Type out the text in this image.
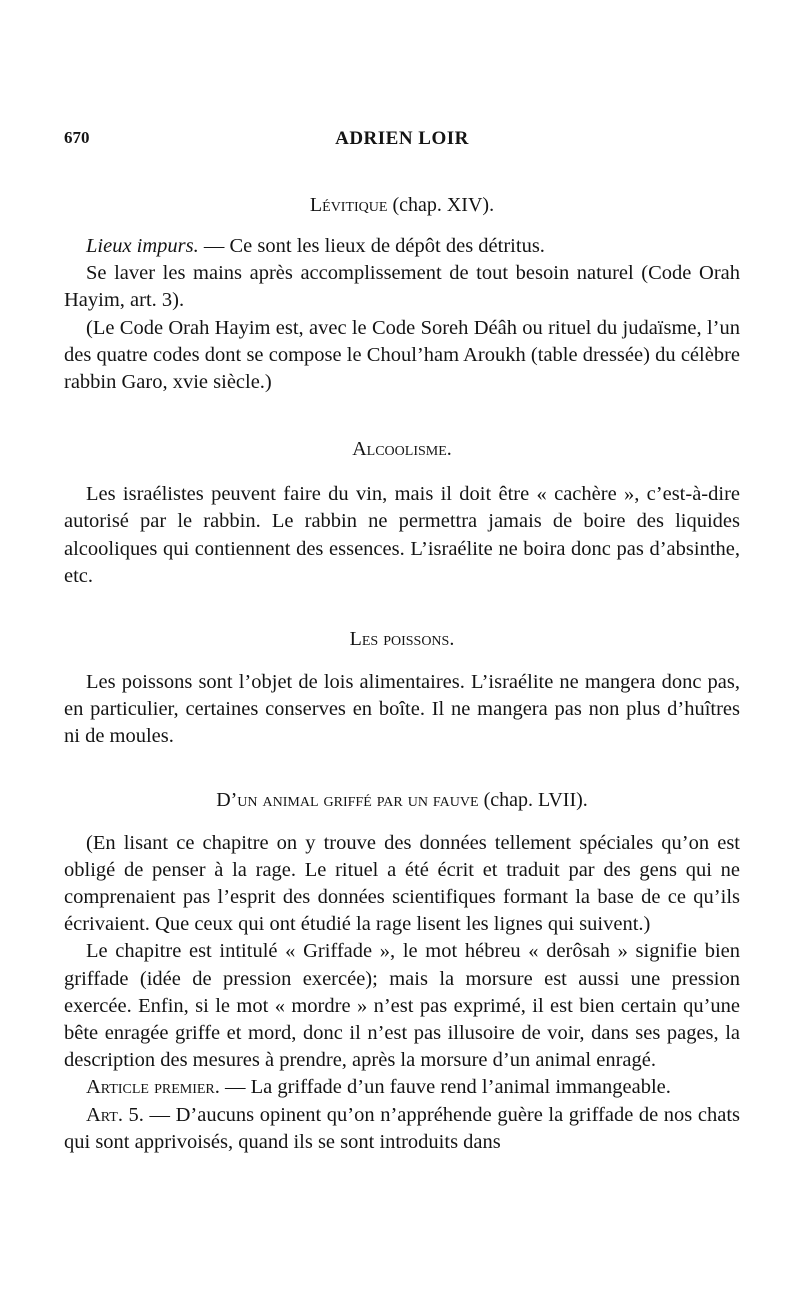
670	ADRIEN LOIR
Lévitique (chap. XIV).

Lieux impurs. — Ce sont les lieux de dépôt des détritus.

Se laver les mains après accomplissement de tout besoin naturel (Code Orah Hayim, art. 3).

(Le Code Orah Hayim est, avec le Code Soreh Déâh ou rituel du judaïsme, l’un des quatre codes dont se compose le Choul’ham Aroukh (table dressée) du célèbre rabbin Garo, xvie siècle.)

Alcoolisme.

Les israélistes peuvent faire du vin, mais il doit être « cachère », c’est-à-dire autorisé par le rabbin. Le rabbin ne permettra jamais de boire des liquides alcooliques qui contiennent des essences. L’israélite ne boira donc pas d’absinthe, etc.

Les poissons.

Les poissons sont l’objet de lois alimentaires. L’israélite ne mangera donc pas, en particulier, certaines conserves en boîte. Il ne mangera pas non plus d’huîtres ni de moules.

D’un animal griffé par un fauve (chap. LVII).

(En lisant ce chapitre on y trouve des données tellement spéciales qu’on est obligé de penser à la rage. Le rituel a été écrit et traduit par des gens qui ne comprenaient pas l’esprit des données scientifiques formant la base de ce qu’ils écrivaient. Que ceux qui ont étudié la rage lisent les lignes qui suivent.)

Le chapitre est intitulé « Griffade », le mot hébreu « derôsah » signifie bien griffade (idée de pression exercée); mais la morsure est aussi une pression exercée. Enfin, si le mot « mordre » n’est pas exprimé, il est bien certain qu’une bête enragée griffe et mord, donc il n’est pas illusoire de voir, dans ses pages, la description des mesures à prendre, après la morsure d’un animal enragé.

Article premier. — La griffade d’un fauve rend l’animal immangeable.

Art. 5. — D’aucuns opinent qu’on n’appréhende guère la griffade de nos chats qui sont apprivoisés, quand ils se sont introduits dans
